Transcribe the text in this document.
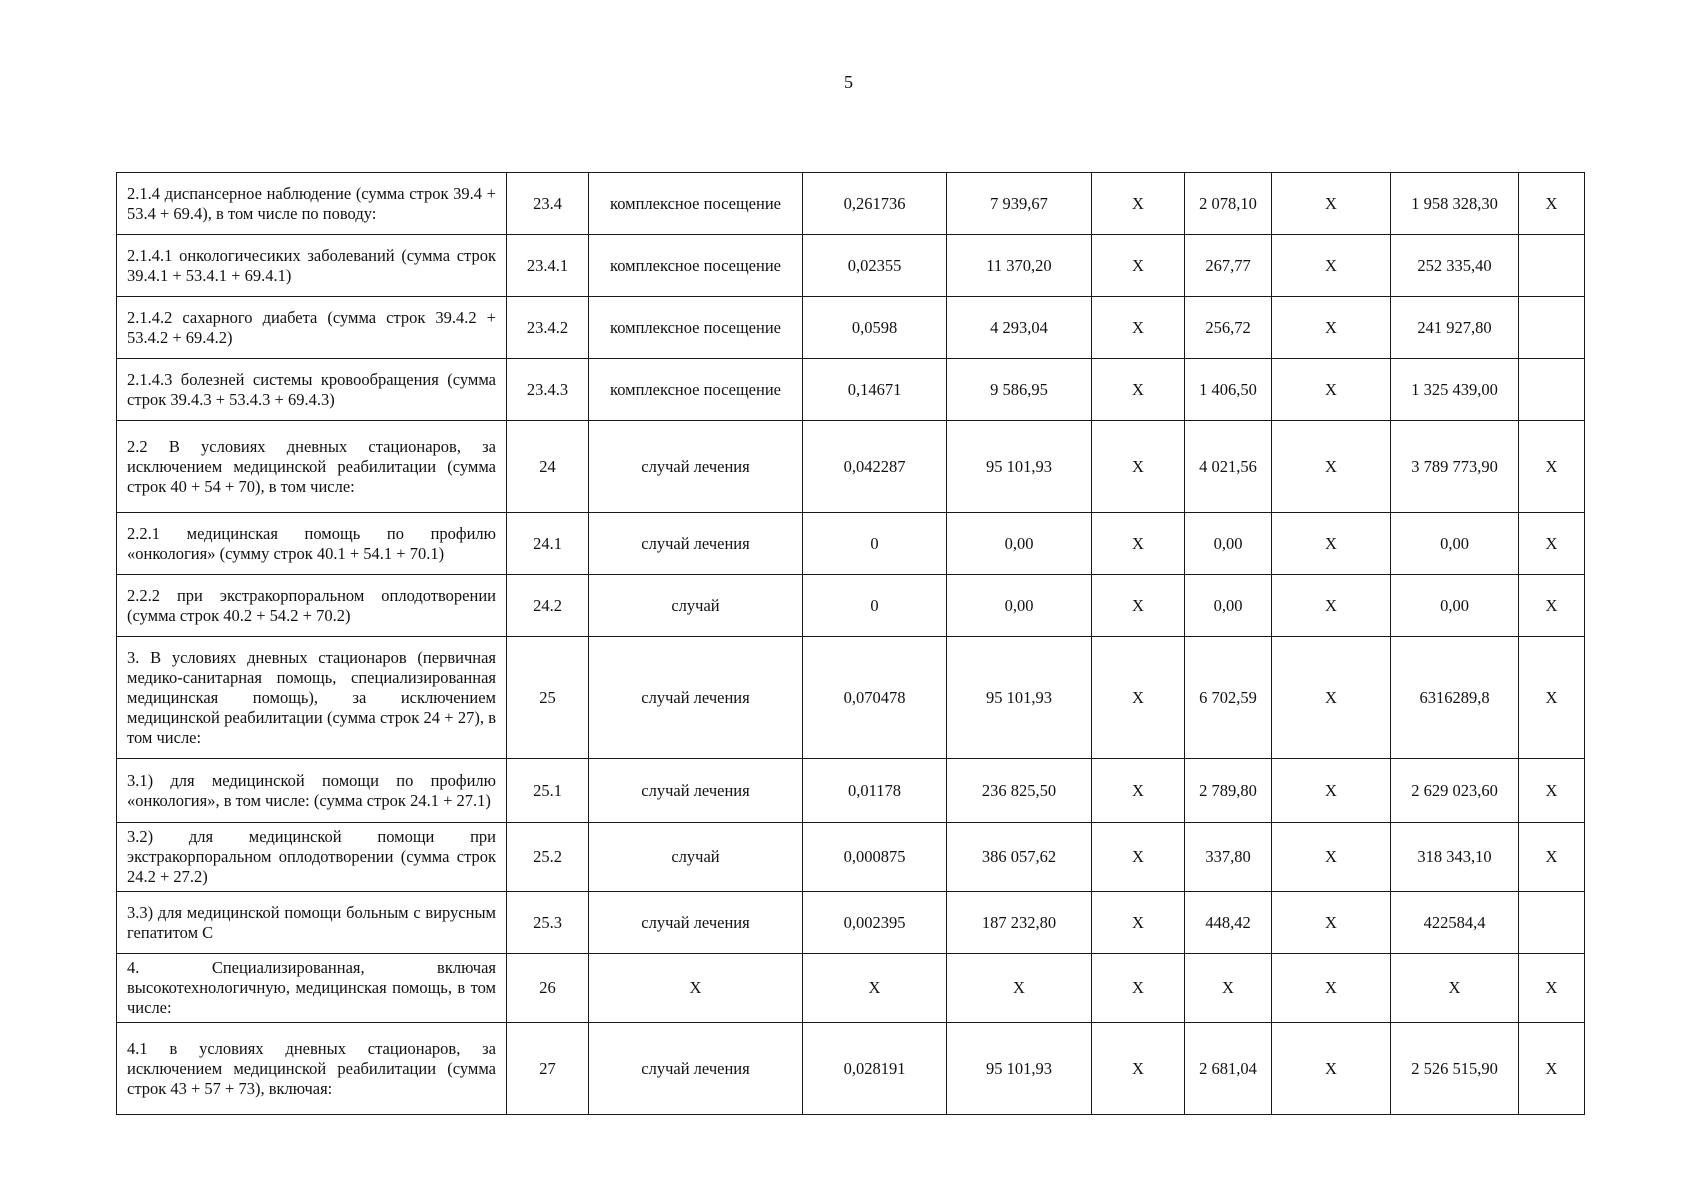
5
2.1.4 диспансерное наблюдение (сумма строк 39.4 + 53.4 + 69.4), в том числе по поводу:	23.4	комплексное посещение	0,261736	7 939,67	X	2 078,10	X	1 958 328,30	X
2.1.4.1 онкологичесиких заболеваний (сумма строк 39.4.1 + 53.4.1 + 69.4.1)	23.4.1	комплексное посещение	0,02355	11 370,20	X	267,77	X	252 335,40	
2.1.4.2 сахарного диабета (сумма строк 39.4.2 + 53.4.2 + 69.4.2)	23.4.2	комплексное посещение	0,0598	4 293,04	X	256,72	X	241 927,80	
2.1.4.3 болезней системы кровообращения (сумма строк 39.4.3 + 53.4.3 + 69.4.3)	23.4.3	комплексное посещение	0,14671	9 586,95	X	1 406,50	X	1 325 439,00	
2.2 В условиях дневных стационаров, за исключением медицинской реабилитации (сумма строк 40 + 54 + 70), в том числе:	24	случай лечения	0,042287	95 101,93	X	4 021,56	X	3 789 773,90	X
2.2.1 медицинская помощь по профилю «онкология» (сумму строк 40.1 + 54.1 + 70.1)	24.1	случай лечения	0	0,00	X	0,00	X	0,00	X
2.2.2 при экстракорпоральном оплодотворении (сумма строк 40.2 + 54.2 + 70.2)	24.2	случай	0	0,00	X	0,00	X	0,00	X
3. В условиях дневных стационаров (первичная медико-санитарная помощь, специализированная медицинская помощь), за исключением медицинской реабилитации (сумма строк 24 + 27), в том числе:	25	случай лечения	0,070478	95 101,93	X	6 702,59	X	6316289,8	X
3.1) для медицинской помощи по профилю «онкология», в том числе: (сумма строк 24.1 + 27.1)	25.1	случай лечения	0,01178	236 825,50	X	2 789,80	X	2 629 023,60	X
3.2) для медицинской помощи при экстракорпоральном оплодотворении (сумма строк 24.2 + 27.2)	25.2	случай	0,000875	386 057,62	X	337,80	X	318 343,10	X
3.3) для медицинской помощи больным с вирусным гепатитом С	25.3	случай лечения	0,002395	187 232,80	X	448,42	X	422584,4	
4. Специализированная, включая высокотехнологичную, медицинская помощь, в том числе:	26	X	X	X	X	X	X	X	X
4.1 в условиях дневных стационаров, за исключением медицинской реабилитации (сумма строк 43 + 57 + 73), включая:	27	случай лечения	0,028191	95 101,93	X	2 681,04	X	2 526 515,90	X
